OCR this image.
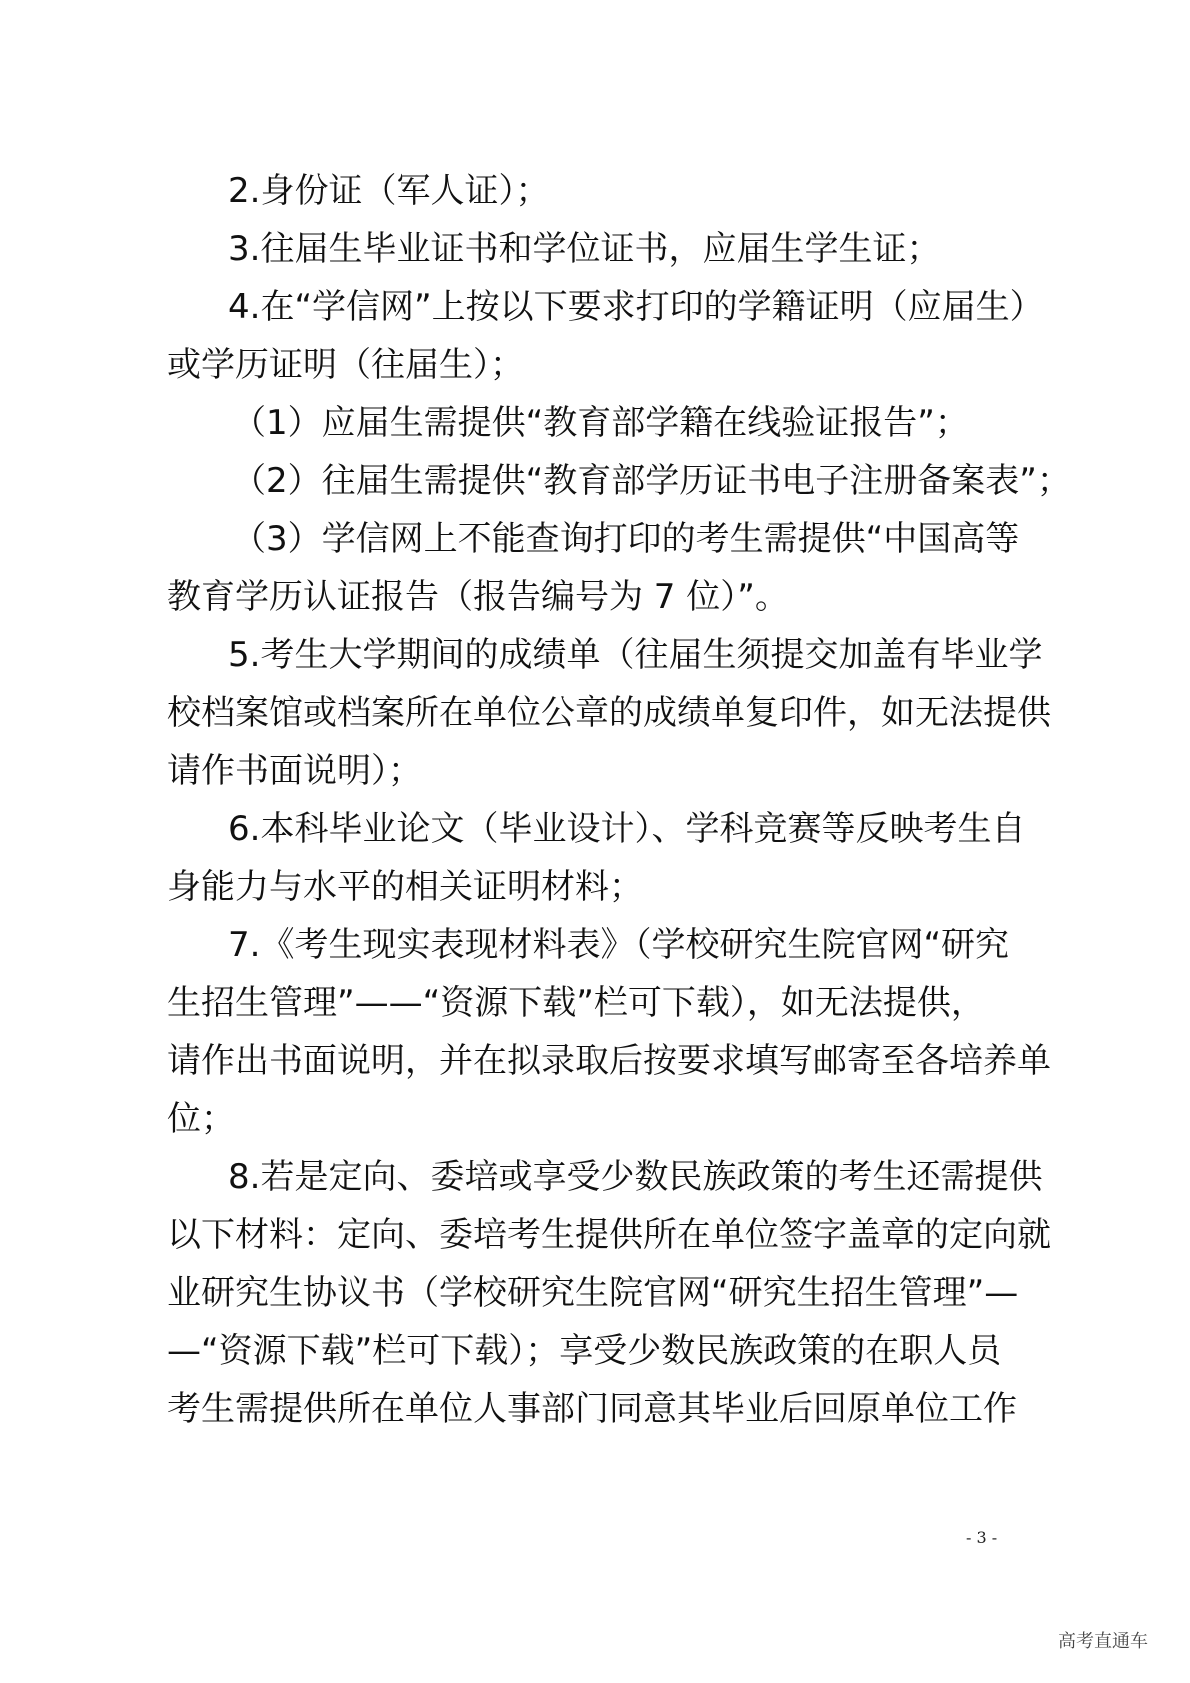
2.身份证（军人证）；
3.往届生毕业证书和学位证书，应届生学生证；
4.在“学信网”上按以下要求打印的学籍证明（应届生）
或学历证明（往届生）；
（1）应届生需提供“教育部学籍在线验证报告”；
（2）往届生需提供“教育部学历证书电子注册备案表”；
（3）学信网上不能查询打印的考生需提供“中国高等
教育学历认证报告（报告编号为 7 位）”。
5.考生大学期间的成绩单（往届生须提交加盖有毕业学
校档案馆或档案所在单位公章的成绩单复印件，如无法提供
请作书面说明）；
6.本科毕业论文（毕业设计）、学科竞赛等反映考生自
身能力与水平的相关证明材料；
7.《考生现实表现材料表》（学校研究生院官网“研究
生招生管理”——“资源下载”栏可下载），如无法提供，
请作出书面说明，并在拟录取后按要求填写邮寄至各培养单
位；
8.若是定向、委培或享受少数民族政策的考生还需提供
以下材料：定向、委培考生提供所在单位签字盖章的定向就
业研究生协议书（学校研究生院官网“研究生招生管理”—
—“资源下载”栏可下载）；享受少数民族政策的在职人员
考生需提供所在单位人事部门同意其毕业后回原单位工作
- 3 -
高考直通车
